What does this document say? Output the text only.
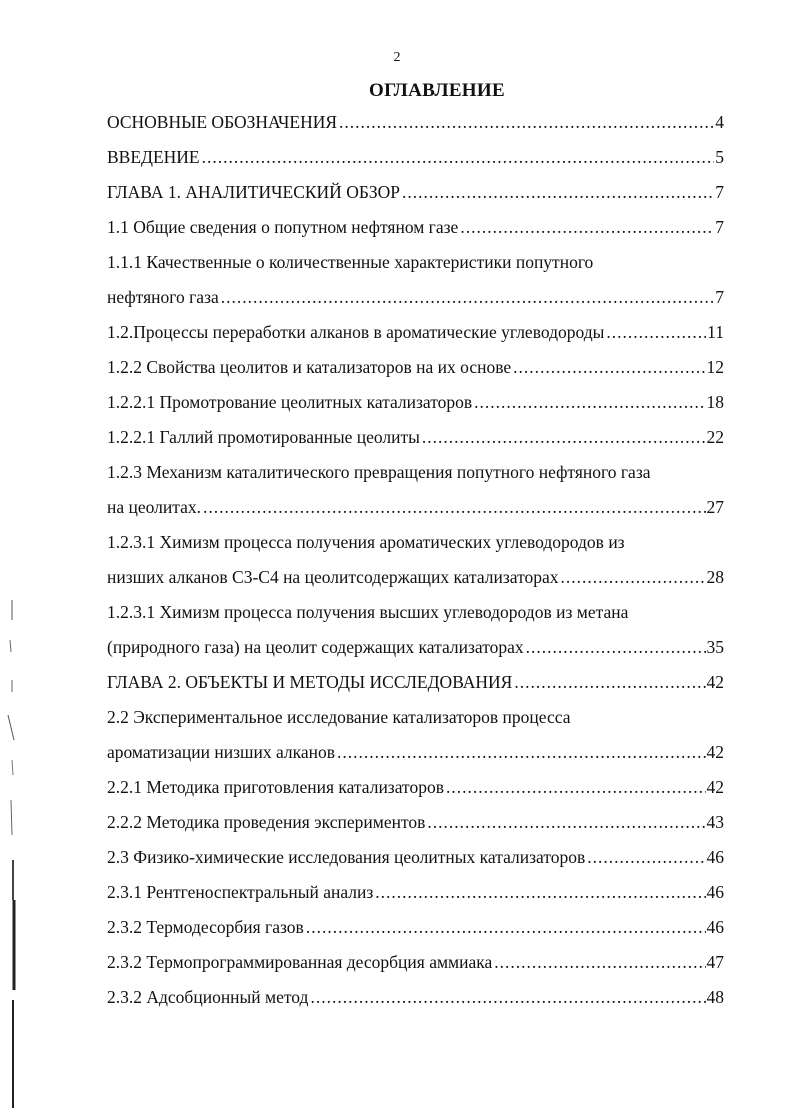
2
ОГЛАВЛЕНИЕ
ОСНОВНЫЕ ОБОЗНАЧЕНИЯ .....	4
ВВЕДЕНИЕ .....	5
ГЛАВА 1. АНАЛИТИЧЕСКИЙ ОБЗОР .....	7
1.1 Общие сведения о попутном нефтяном газе .....	7
1.1.1 Качественные о количественные характеристики попутного
нефтяного газа .....	7
1.2.Процессы переработки алканов в ароматические углеводороды .....	11
1.2.2 Свойства цеолитов и катализаторов на их основе .....	12
1.2.2.1 Промотрование цеолитных катализаторов .....	18
1.2.2.1 Галлий промотированные цеолиты .....	22
1.2.3 Механизм каталитического превращения попутного нефтяного газа
на цеолитах. .....	27
1.2.3.1 Химизм процесса получения ароматических углеводородов из
низших алканов С3-С4 на цеолитсодержащих катализаторах .....	28
1.2.3.1 Химизм процесса получения высших углеводородов из метана
(природного газа) на цеолит содержащих катализаторах .....	35
ГЛАВА 2. ОБЪЕКТЫ И МЕТОДЫ ИССЛЕДОВАНИЯ .....	42
2.2 Экспериментальное исследование катализаторов процесса
ароматизации низших алканов .....	42
2.2.1 Методика приготовления катализаторов .....	42
2.2.2 Методика проведения экспериментов .....	43
2.3 Физико-химические исследования цеолитных катализаторов .....	46
2.3.1 Рентгеноспектральный анализ .....	46
2.3.2 Термодесорбия газов .....	46
2.3.2 Термопрограммированная десорбция аммиака .....	47
2.3.2 Адсобционный метод .....	48
